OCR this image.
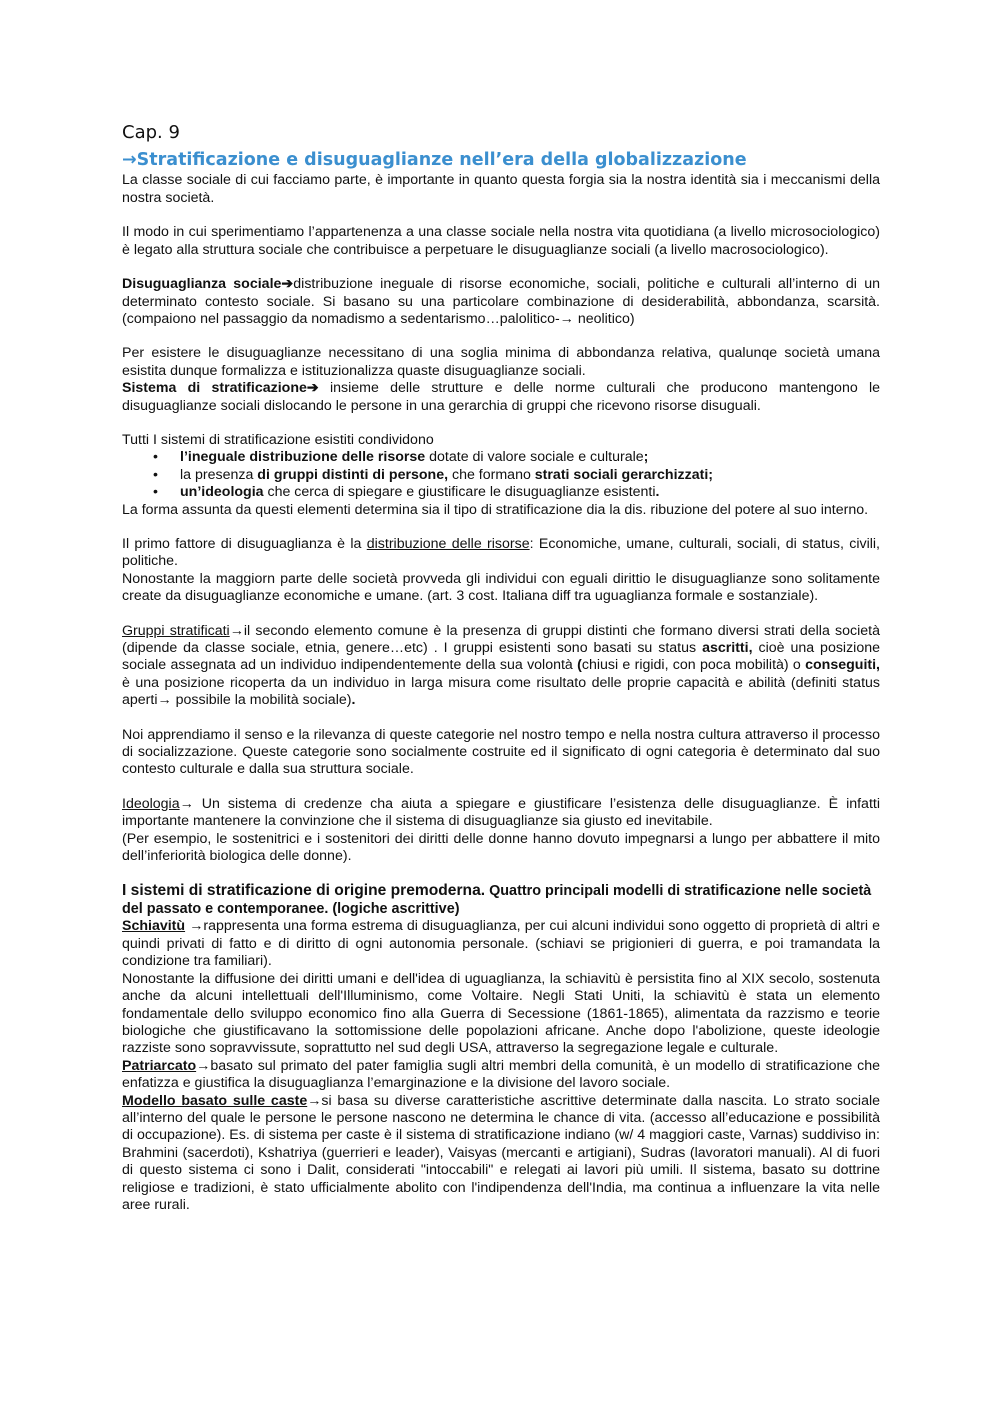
Cap. 9
→Stratificazione e disuguaglianze nell’era della globalizzazione

La classe sociale di cui facciamo parte, è importante in quanto questa forgia sia la nostra identità sia i meccanismi della nostra società.

Il modo in cui sperimentiamo l’appartenenza a una classe sociale nella nostra vita quotidiana (a livello microsociologico) è legato alla struttura sociale che contribuisce a perpetuare le disuguaglianze sociali (a livello macrosociologico).

Disuguaglianza sociale➔distribuzione ineguale di risorse economiche, sociali, politiche e culturali all’interno di un determinato contesto sociale. Si basano su una particolare combinazione di desiderabilità, abbondanza, scarsità. (compaiono nel passaggio da nomadismo a sedentarismo…palolitico-→ neolitico)

Per esistere le disuguaglianze necessitano di una soglia minima di abbondanza relativa, qualunqe società umana esistita dunque formalizza e istituzionalizza quaste disuguaglianze sociali.

Sistema di stratificazione➔ insieme delle strutture e delle norme culturali che producono mantengono le disuguaglianze sociali dislocando le persone in una gerarchia di gruppi che ricevono risorse disuguali.

Tutti I sistemi di stratificazione esistiti condividono

• l’ineguale distribuzione delle risorse dotate di valore sociale e culturale;
• la presenza di gruppi distinti di persone, che formano strati sociali gerarchizzati;
• un’ideologia che cerca di spiegare e giustificare le disuguaglianze esistenti.

La forma assunta da questi elementi determina sia il tipo di stratificazione dia la dis. ribuzione del potere al suo interno.

Il primo fattore di disuguaglianza è la distribuzione delle risorse: Economiche, umane, culturali, sociali, di status, civili, politiche.

Nonostante la maggiorn parte delle società provveda gli individui con eguali dirittio le disuguaglianze sono solitamente create da disuguaglianze economiche e umane. (art. 3 cost. Italiana diff tra uguaglianza formale e sostanziale).

Gruppi stratificati→il secondo elemento comune è la presenza di gruppi distinti che formano diversi strati della società (dipende da classe sociale, etnia, genere…etc) . I gruppi esistenti sono basati su status ascritti, cioè una posizione sociale assegnata ad un individuo indipendentemente della sua volontà (chiusi e rigidi, con poca mobilità) o conseguiti, è una posizione ricoperta da un individuo in larga misura come risultato delle proprie capacità e abilità (definiti status aperti→ possibile la mobilità sociale).

Noi apprendiamo il senso e la rilevanza di queste categorie nel nostro tempo e nella nostra cultura attraverso il processo di socializzazione. Queste categorie sono socialmente costruite ed il significato di ogni categoria è determinato dal suo contesto culturale e dalla sua struttura sociale.

Ideologia→ Un sistema di credenze cha aiuta a spiegare e giustificare l’esistenza delle disuguaglianze. È infatti importante mantenere la convinzione che il sistema di disuguaglianze sia giusto ed inevitabile.

(Per esempio, le sostenitrici e i sostenitori dei diritti delle donne hanno dovuto impegnarsi a lungo per abbattere il mito dell’inferiorità biologica delle donne).

I sistemi di stratificazione di origine premoderna. Quattro principali modelli di stratificazione nelle società del passato e contemporanee. (logiche ascrittive)

Schiavitù →rappresenta una forma estrema di disuguaglianza, per cui alcuni individui sono oggetto di proprietà di altri e quindi privati di fatto e di diritto di ogni autonomia personale. (schiavi se prigionieri di guerra, e poi tramandata la condizione tra familiari).

Nonostante la diffusione dei diritti umani e dell'idea di uguaglianza, la schiavitù è persistita fino al XIX secolo, sostenuta anche da alcuni intellettuali dell'Illuminismo, come Voltaire. Negli Stati Uniti, la schiavitù è stata un elemento fondamentale dello sviluppo economico fino alla Guerra di Secessione (1861-1865), alimentata da razzismo e teorie biologiche che giustificavano la sottomissione delle popolazioni africane. Anche dopo l'abolizione, queste ideologie razziste sono sopravvissute, soprattutto nel sud degli USA, attraverso la segregazione legale e culturale.

Patriarcato→basato sul primato del pater famiglia sugli altri membri della comunità, è un modello di stratificazione che enfatizza e giustifica la disuguaglianza l’emarginazione e la divisione del lavoro sociale.

Modello basato sulle caste→si basa su diverse caratteristiche ascrittive determinate dalla nascita. Lo strato sociale all’interno del quale le persone le persone nascono ne determina le chance di vita. (accesso all’educazione e possibilità di occupazione). Es. di sistema per caste è il sistema di stratificazione indiano (w/ 4 maggiori caste, Varnas) suddiviso in: Brahmini (sacerdoti), Kshatriya (guerrieri e leader), Vaisyas (mercanti e artigiani), Sudras (lavoratori manuali). Al di fuori di questo sistema ci sono i Dalit, considerati "intoccabili" e relegati ai lavori più umili. Il sistema, basato su dottrine religiose e tradizioni, è stato ufficialmente abolito con l'indipendenza dell'India, ma continua a influenzare la vita nelle aree rurali.
